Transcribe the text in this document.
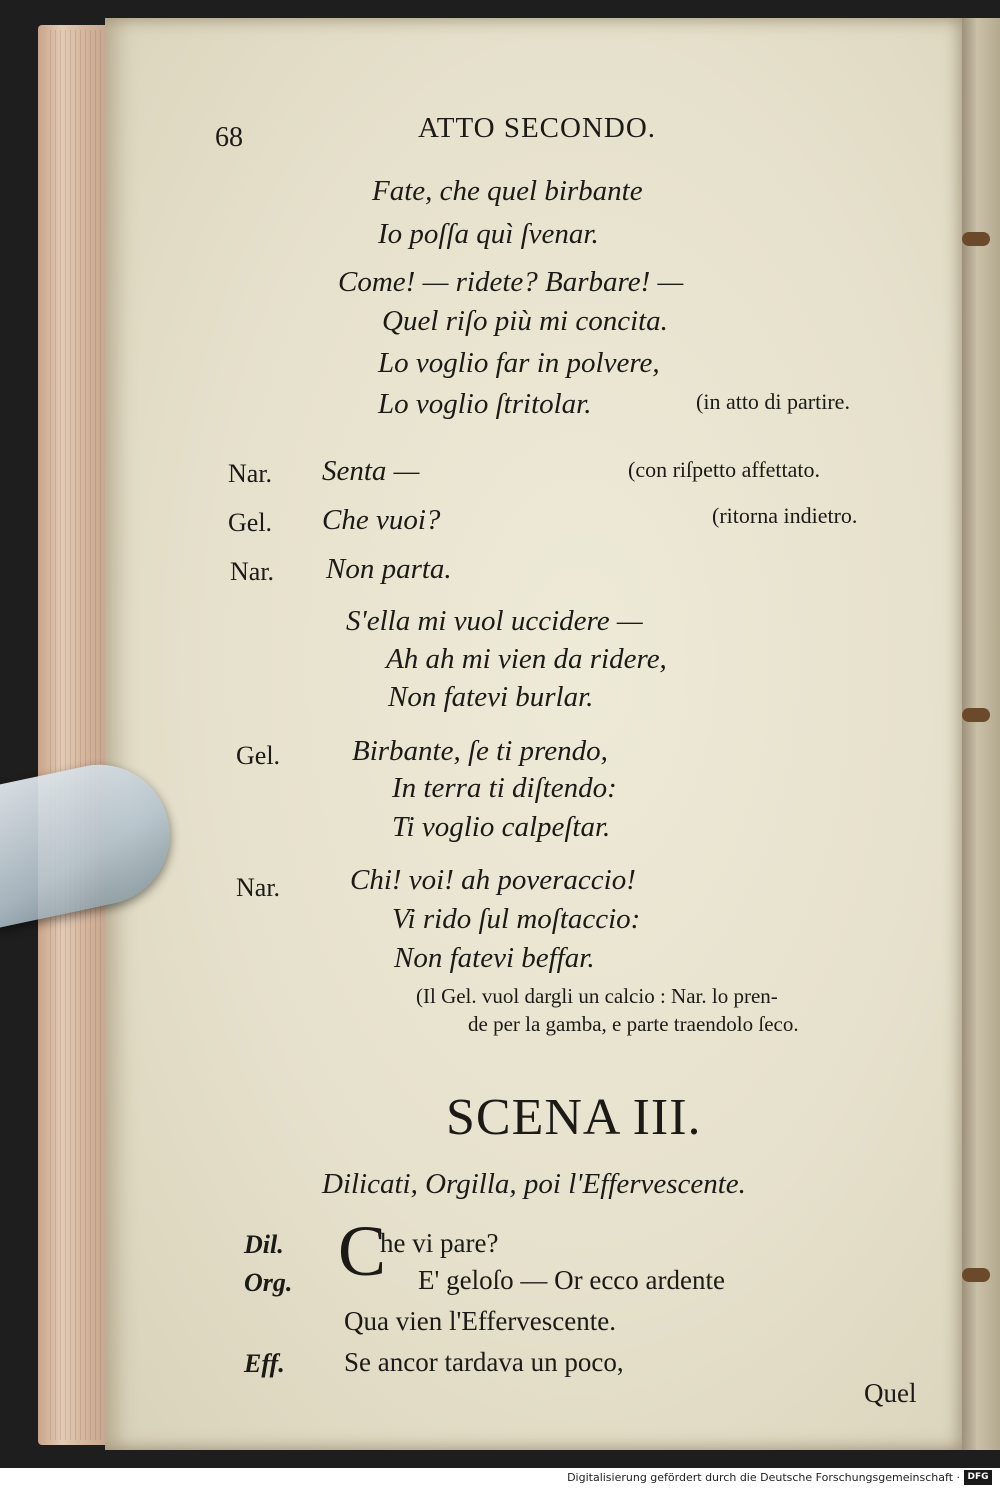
68	ATTO SECONDO.
Fate, che quel birbante
Io poſſa quì ſvenar.
Come! — ridete? Barbare! —
Quel riſo più mi concita.
Lo voglio far in polvere,
Lo voglio ſtritolar.	(in atto di partire.
Nar. Senta —	(con riſpetto affettato.
Gel. Che vuoi?	(ritorna indietro.
Nar. Non parta.
S'ella mi vuol uccidere —
Ah ah mi vien da ridere,
Non fatevi burlar.
Gel. Birbante, ſe ti prendo,
In terra ti diſtendo:
Ti voglio calpeſtar.
Nar. Chi! voi! ah poveraccio!
Vi rido ſul moſtaccio:
Non fatevi beffar.
(Il Gel. vuol dargli un calcio : Nar. lo pren-
de per la gamba, e parte traendolo ſeco.
SCENA III.
Dilicati, Orgilla, poi l'Effervescente.
Dil. C
he vi pare?
Org.	E' geloſo — Or ecco ardente
Qua vien l'Effervescente.
Eff. Se ancor tardava un poco,
Quel
Digitalisierung gefördert durch die Deutsche Forschungsgemeinschaft · DFG
